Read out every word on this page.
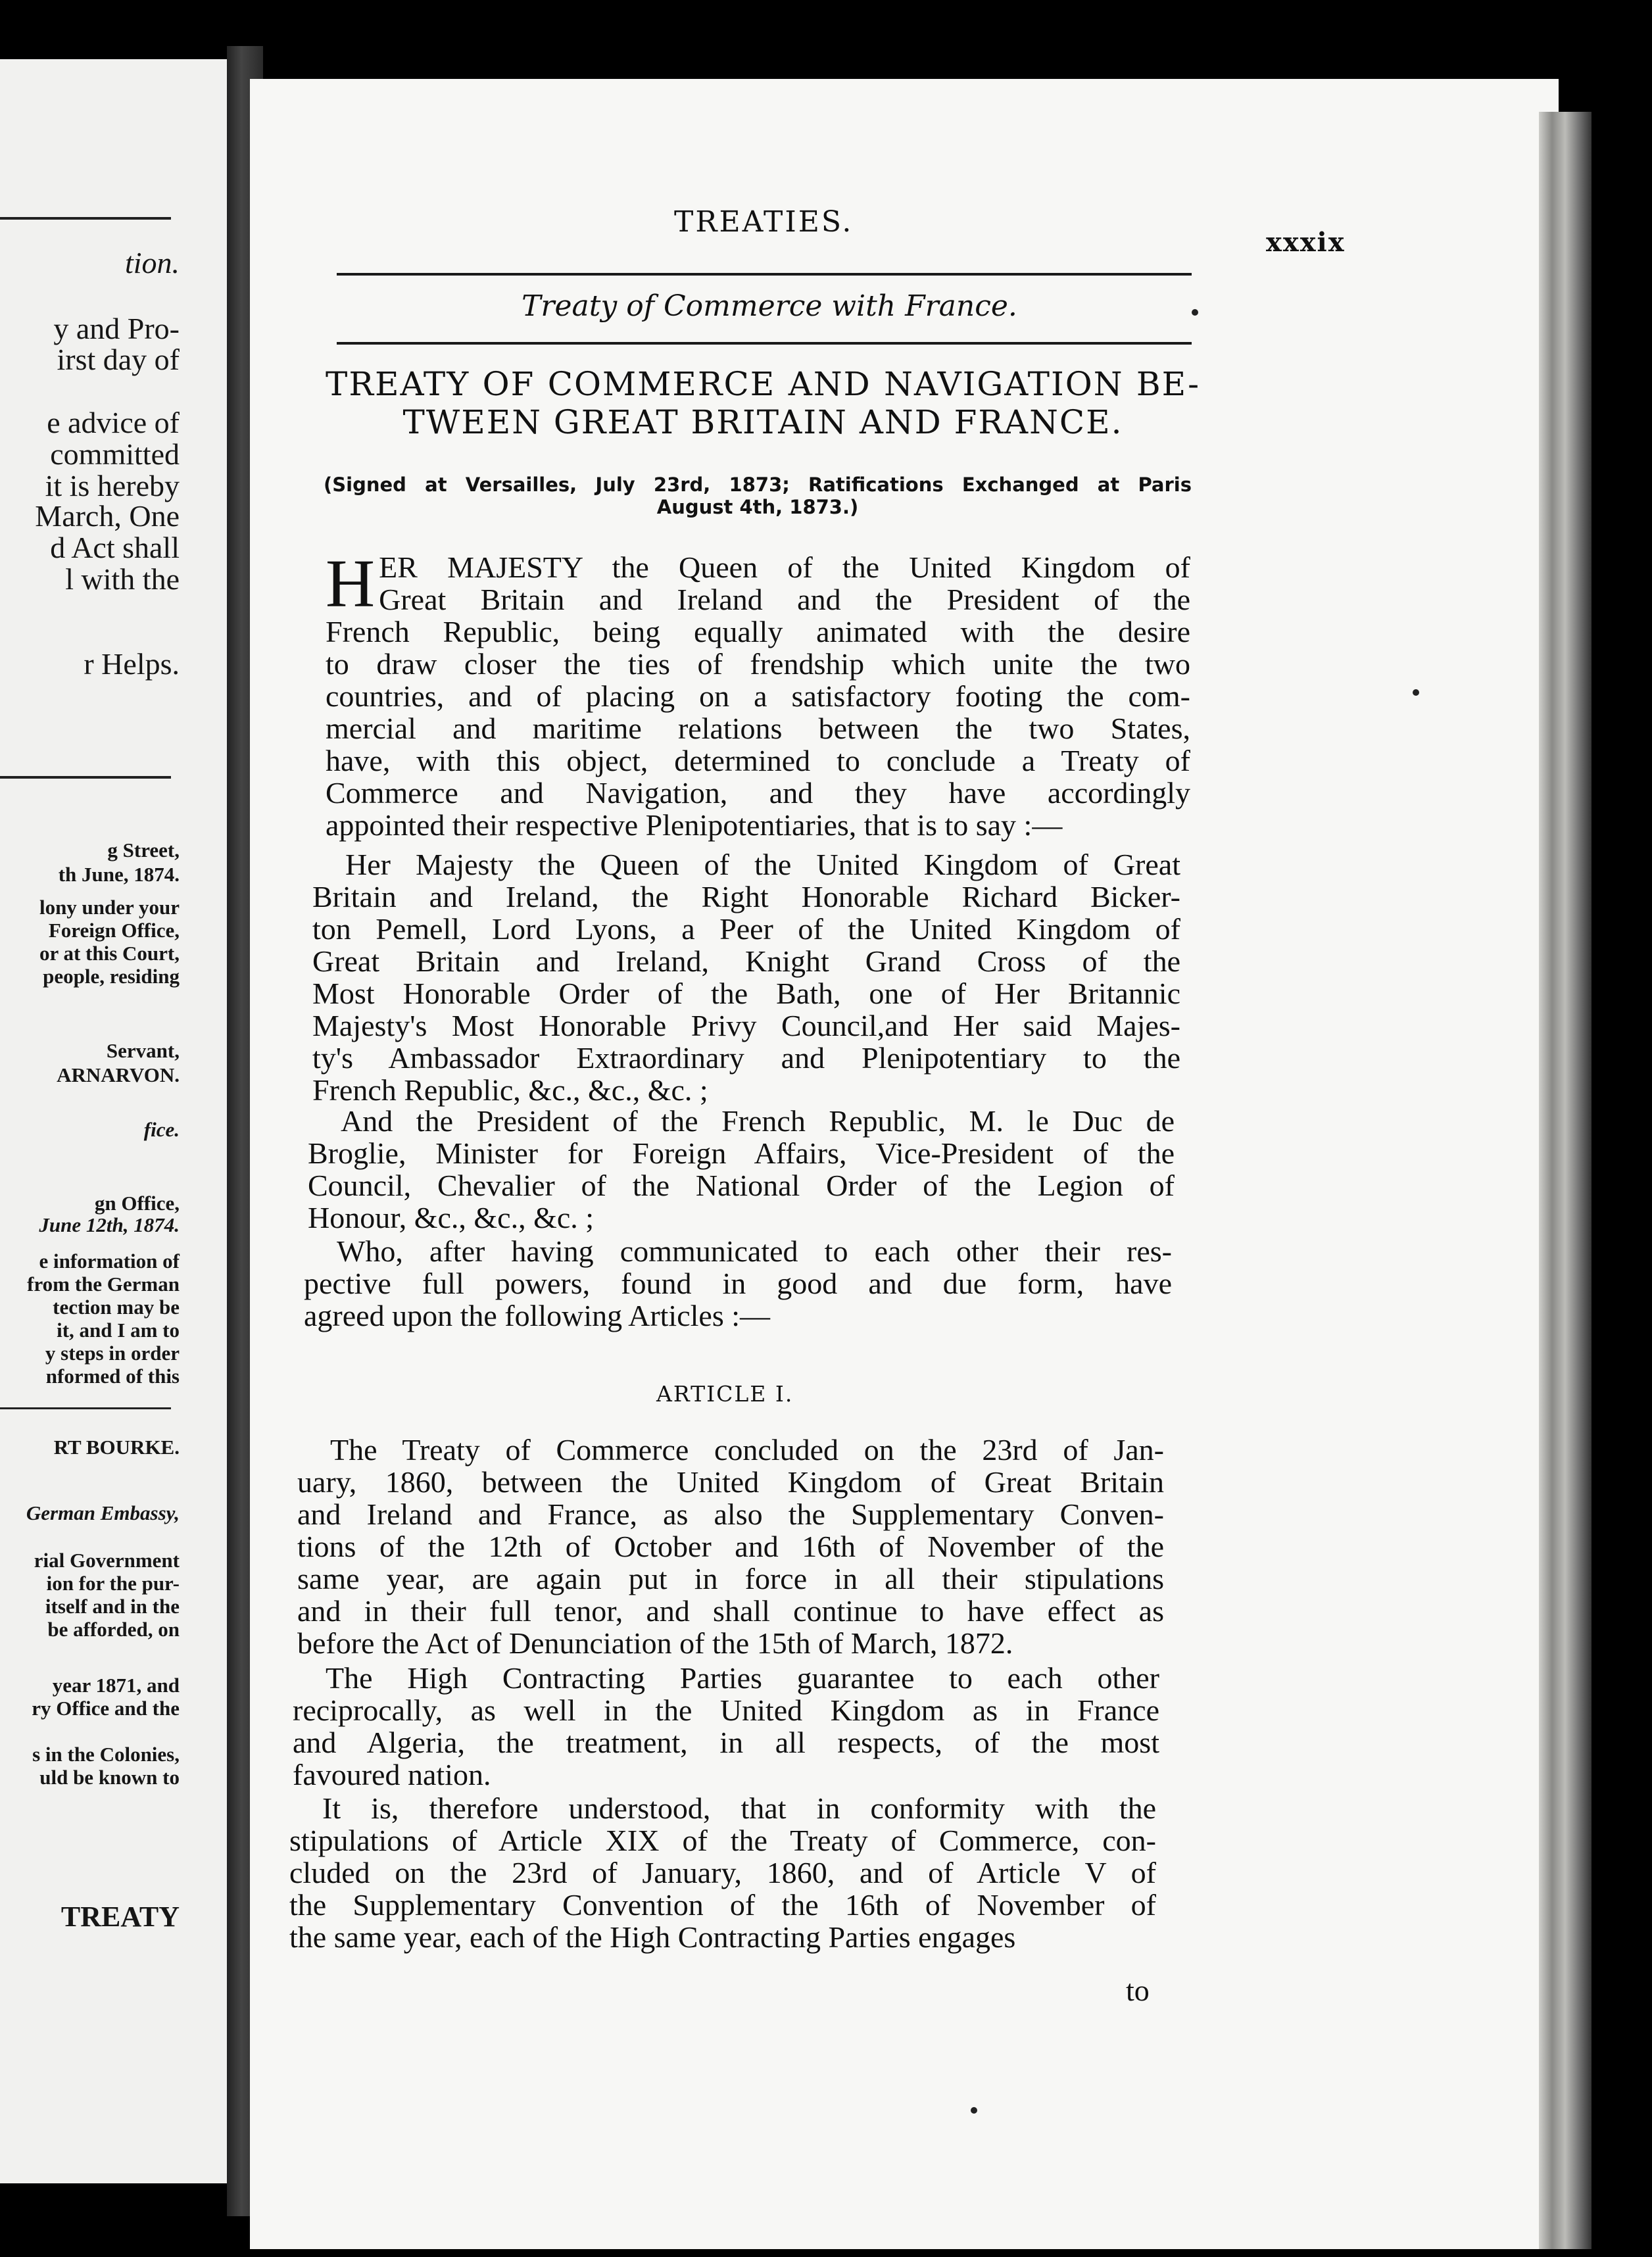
tion.
y and Pro-
irst day of
e advice of
committed
it is hereby
March, One
d Act shall
l with the
r Helps.
g Street,
th June, 1874.
lony under your
Foreign Office,
or at this Court,
people, residing
Servant,
ARNARVON.
fice.
gn Office,
June 12th, 1874.
e information of
from the German
tection may be
it, and I am to
y steps in order
nformed of this
RT BOURKE.
German Embassy,
rial Government
ion for the pur-
itself and in the
be afforded, on
year 1871, and
ry Office and the
s in the Colonies,
uld be known to
TREATY
TREATIES.
xxxix
Treaty of Commerce with France.
TREATY OF COMMERCE AND NAVIGATION BE-
TWEEN GREAT BRITAIN AND FRANCE.
(Signed at Versailles, July 23rd, 1873; Ratifications Exchanged at Paris
August 4th, 1873.)
H ER MAJESTY the Queen of the United Kingdom of
Great Britain and Ireland and the President of the
French Republic, being equally animated with the desire
to draw closer the ties of frendship which unite the two
countries, and of placing on a satisfactory footing the com-
mercial and maritime relations between the two States,
have, with this object, determined to conclude a Treaty of
Commerce and Navigation, and they have accordingly
appointed their respective Plenipotentiaries, that is to say :—
Her Majesty the Queen of the United Kingdom of Great
Britain and Ireland, the Right Honorable Richard Bicker-
ton Pemell, Lord Lyons, a Peer of the United Kingdom of
Great Britain and Ireland, Knight Grand Cross of the
Most Honorable Order of the Bath, one of Her Britannic
Majesty's Most Honorable Privy Council,and Her said Majes-
ty's Ambassador Extraordinary and Plenipotentiary to the
French Republic, &c., &c., &c. ;
And the President of the French Republic, M. le Duc de
Broglie, Minister for Foreign Affairs, Vice-President of the
Council, Chevalier of the National Order of the Legion of
Honour, &c., &c., &c. ;
Who, after having communicated to each other their res-
pective full powers, found in good and due form, have
agreed upon the following Articles :—
ARTICLE I.
The Treaty of Commerce concluded on the 23rd of Jan-
uary, 1860, between the United Kingdom of Great Britain
and Ireland and France, as also the Supplementary Conven-
tions of the 12th of October and 16th of November of the
same year, are again put in force in all their stipulations
and in their full tenor, and shall continue to have effect as
before the Act of Denunciation of the 15th of March, 1872.
The High Contracting Parties guarantee to each other
reciprocally, as well in the United Kingdom as in France
and Algeria, the treatment, in all respects, of the most
favoured nation.
It is, therefore understood, that in conformity with the
stipulations of Article XIX of the Treaty of Commerce, con-
cluded on the 23rd of January, 1860, and of Article V of
the Supplementary Convention of the 16th of November of
the same year, each of the High Contracting Parties engages
to
